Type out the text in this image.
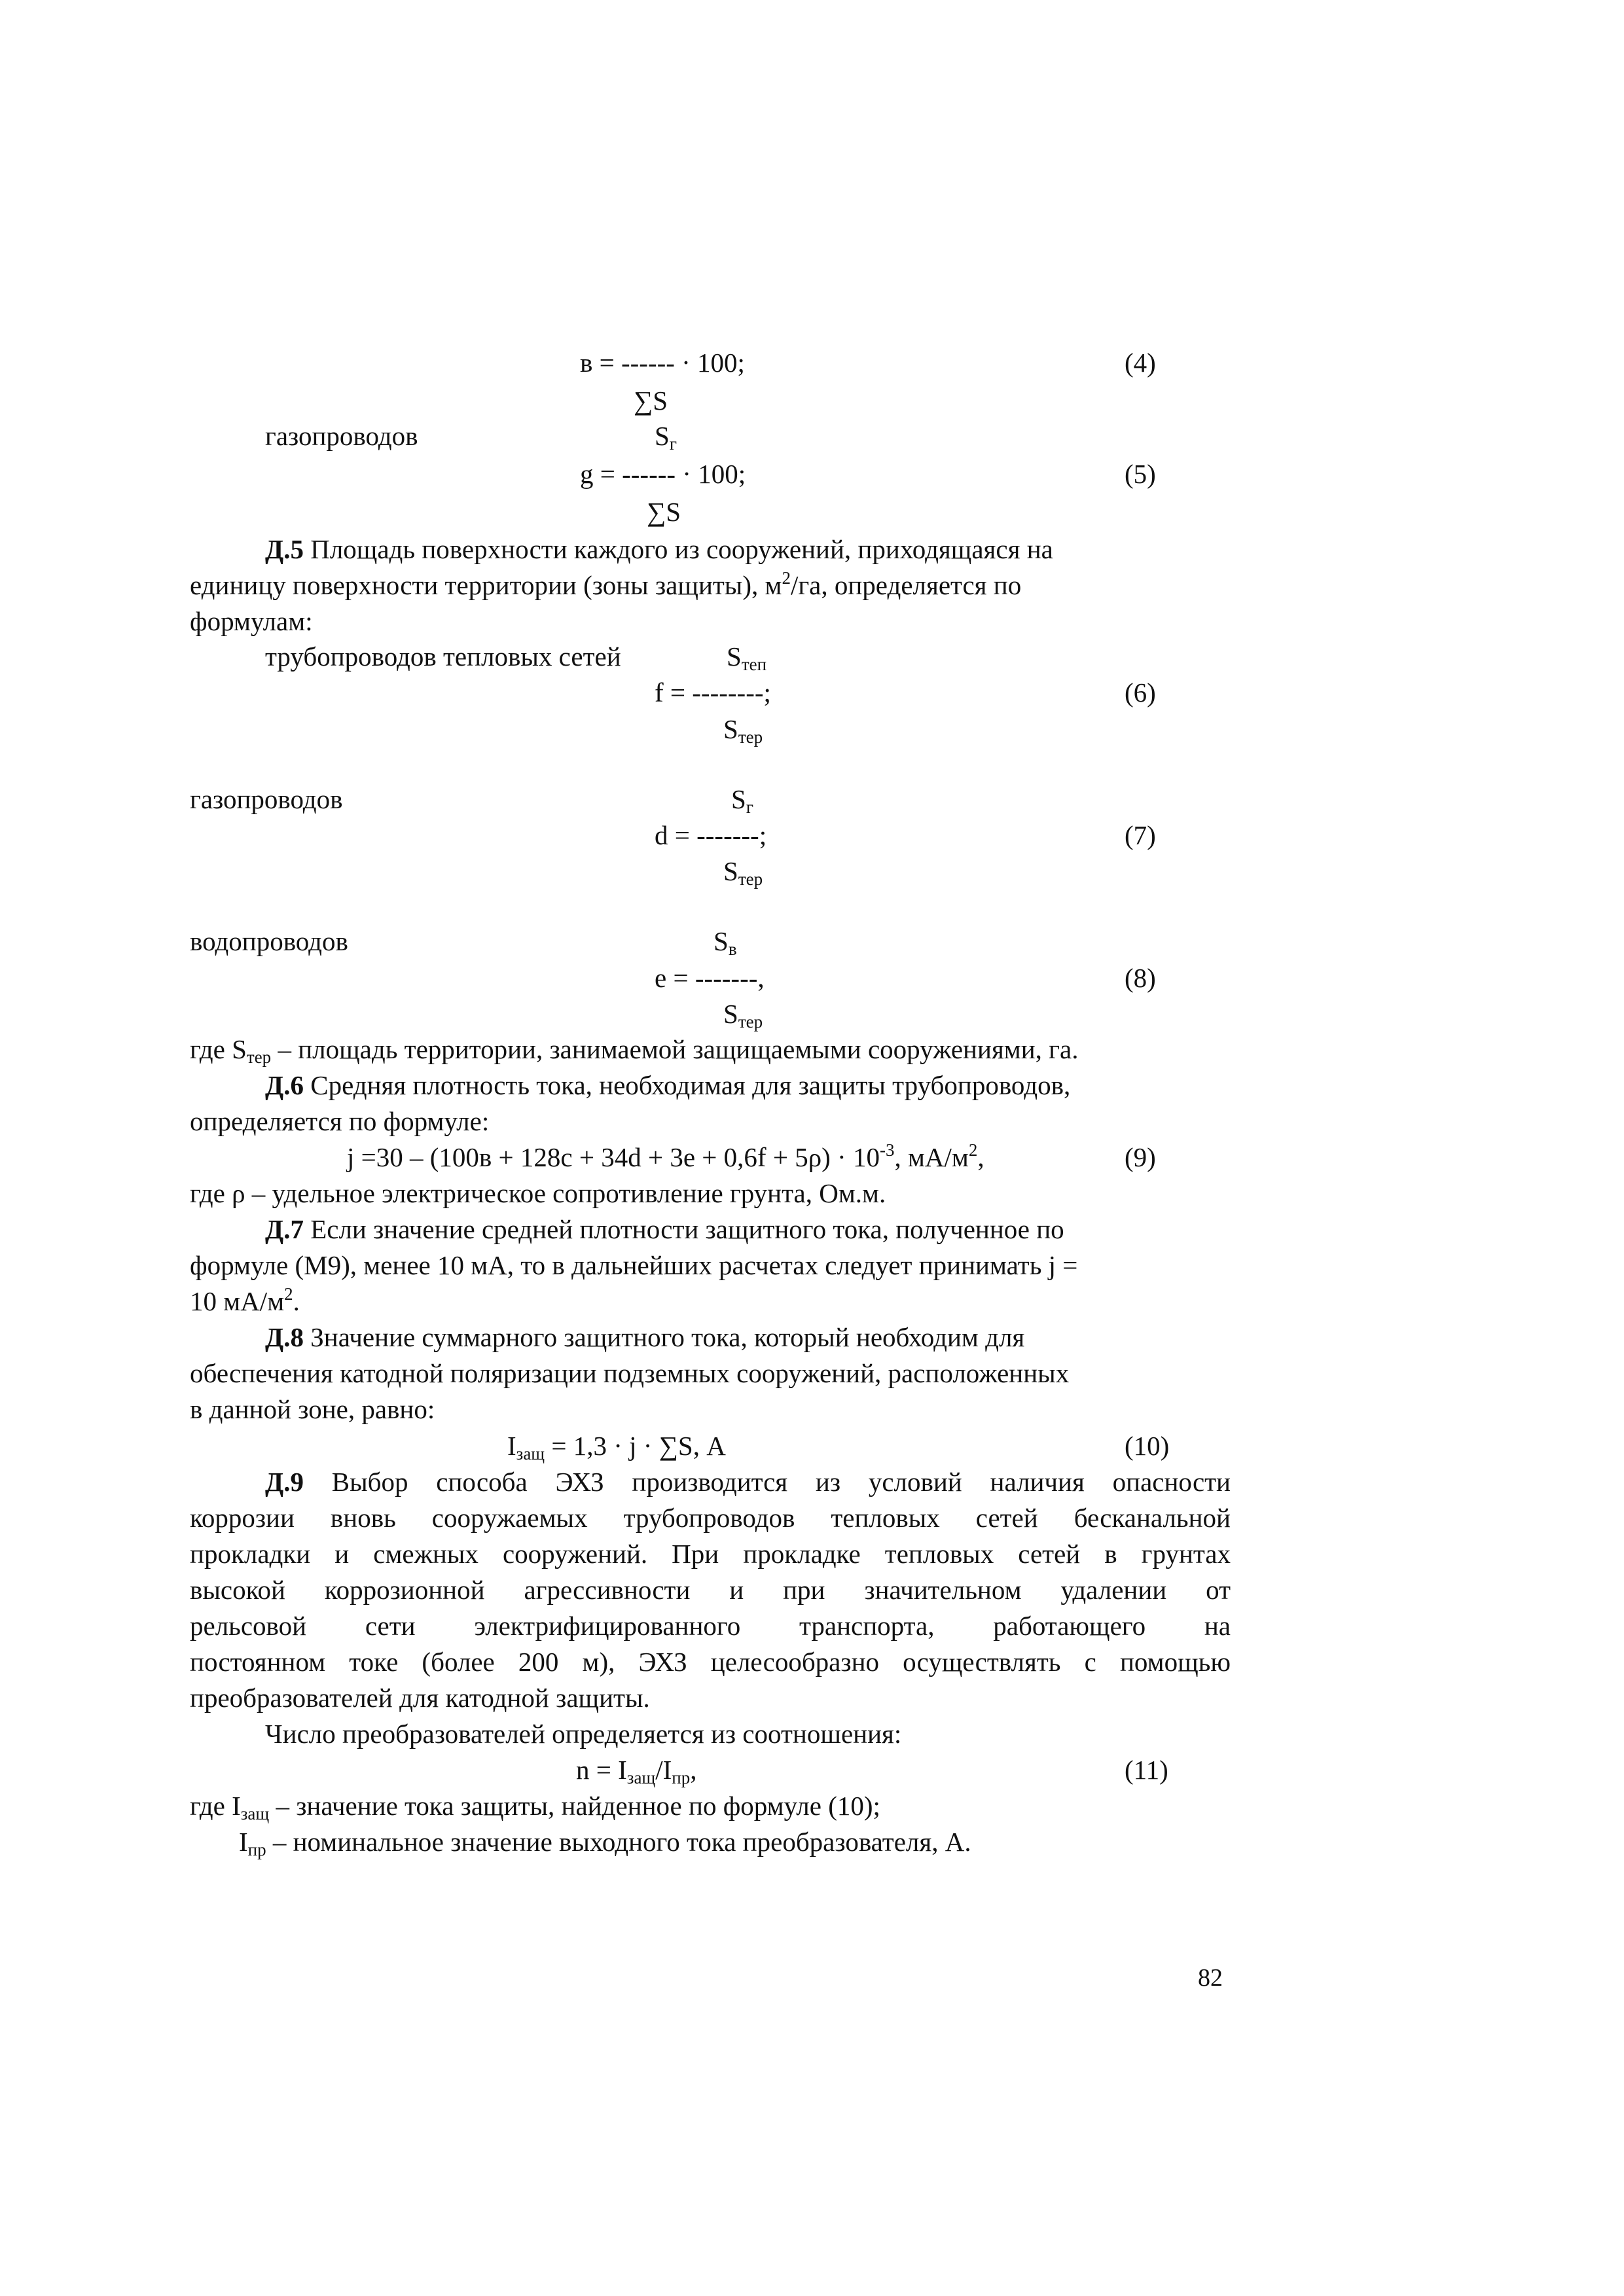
в = ------ · 100;	(4)
∑S
газопроводов	$S_г$
g = ------ · 100;	(5)
∑S
Д.5 Площадь поверхности каждого из сооружений, приходящаяся на
единицу поверхности территории (зоны защиты), $м^2/га$, определяется по
формулам:
трубопроводов тепловых сетей	$S_{теп}$
f = --------;	(6)
$S_{тер}$
газопроводов	$S_г$
d = -------;	(7)
$S_{тер}$
водопроводов	$S_в$
е = -------,	(8)
$S_{тер}$
где $S_{тер}$ – площадь территории, занимаемой защищаемыми сооружениями, га.
Д.6 Средняя плотность тока, необходимая для защиты трубопроводов,
определяется по формуле:
$j =30 - (100в + 128с + 34d + 3е + 0,6f + 5\rho) \cdot 10^{-3}$, $мА/м^2$,	(9)
где ρ – удельное электрическое сопротивление грунта, Ом.м.
Д.7 Если значение средней плотности защитного тока, полученное по
формуле (М9), менее 10 мА, то в дальнейших расчетах следует принимать j =
10 $мА/м^2$.
Д.8 Значение суммарного защитного тока, который необходим для
обеспечения катодной поляризации подземных сооружений, расположенных
в данной зоне, равно:
$I_{защ} = 1,3 \cdot j \cdot \sum S$, А	(10)
Д.9 Выбор способа ЭХЗ производится из условий наличия опасности
коррозии вновь сооружаемых трубопроводов тепловых сетей бесканальной
прокладки и смежных сооружений. При прокладке тепловых сетей в грунтах
высокой коррозионной агрессивности и при значительном удалении от
рельсовой сети электрифицированного транспорта, работающего на
постоянном токе (более 200 м), ЭХЗ целесообразно осуществлять с помощью
преобразователей для катодной защиты.
Число преобразователей определяется из соотношения:
$n = I_{защ}/I_{пр}$,	(11)
где $I_{защ}$ – значение тока защиты, найденное по формуле (10);
$I_{пр}$ – номинальное значение выходного тока преобразователя, А.
82
